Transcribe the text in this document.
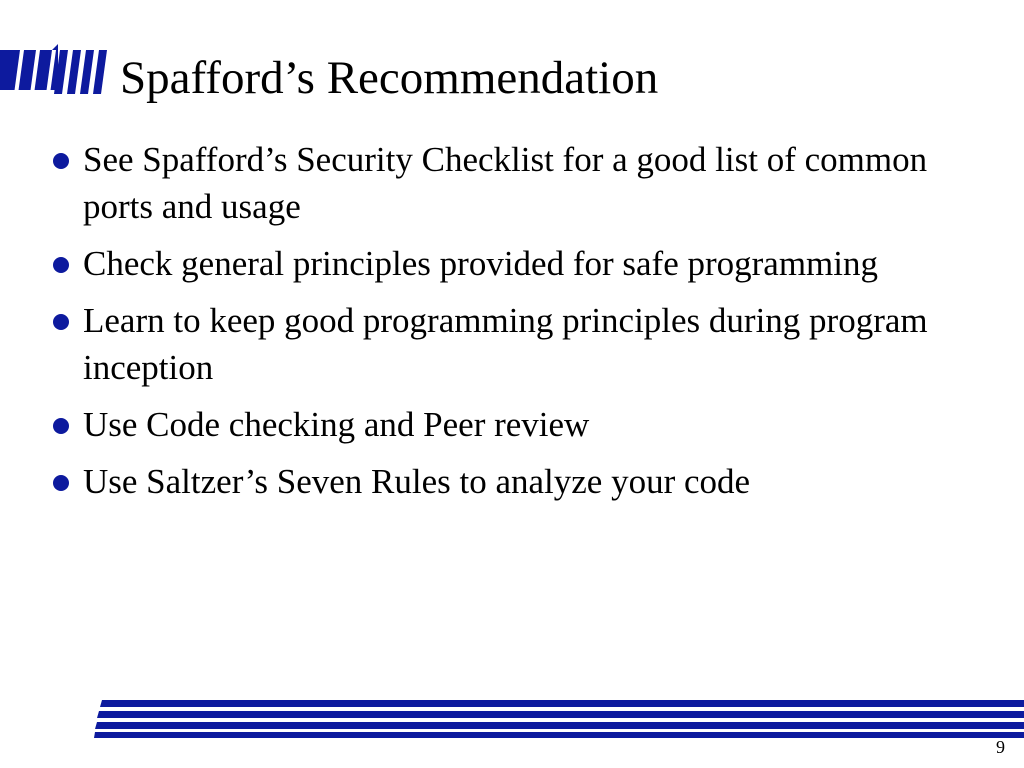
Spafford’s Recommendation
See Spafford’s Security Checklist for a good list of common ports and usage
Check general principles provided for safe programming
Learn to keep good programming principles during program inception
Use Code checking and Peer review
Use Saltzer’s Seven Rules to analyze your code
9
